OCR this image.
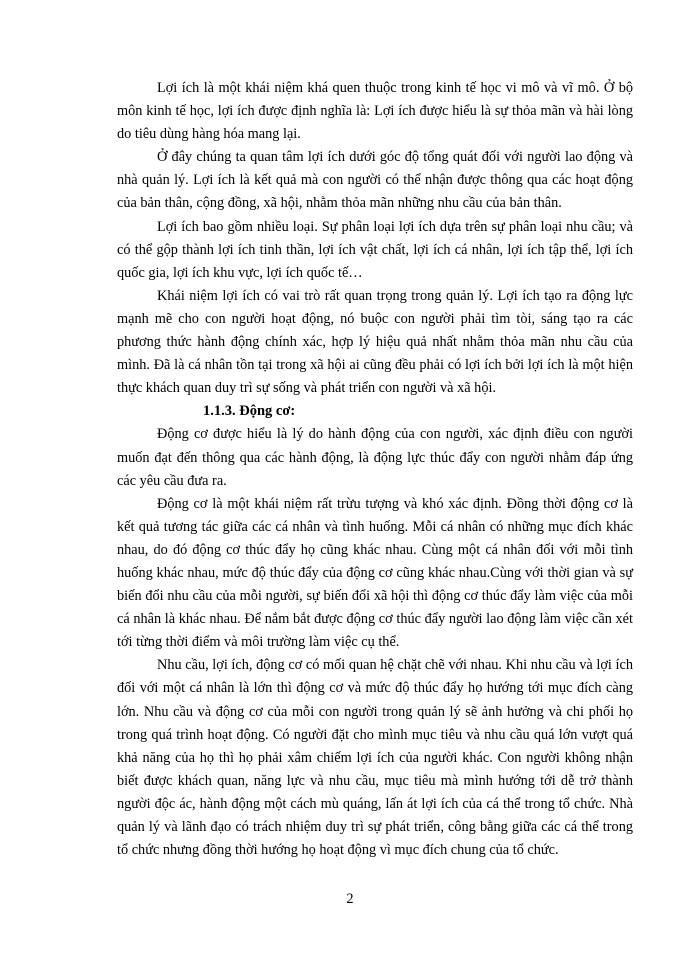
Lợi ích là một khái niệm khá quen thuộc trong kinh tế học vi mô và vĩ mô. Ở bộ môn kinh tế học, lợi ích được định nghĩa là: Lợi ích được hiểu là sự thỏa mãn và hài lòng do tiêu dùng hàng hóa mang lại.

Ở đây chúng ta quan tâm lợi ích dưới góc độ tổng quát đối với người lao động và nhà quản lý. Lợi ích là kết quả mà con người có thể nhận được thông qua các hoạt động của bản thân, cộng đồng, xã hội, nhằm thỏa mãn những nhu cầu của bản thân.

Lợi ích bao gồm nhiều loại. Sự phân loại lợi ích dựa trên sự phân loại nhu cầu; và có thể gộp thành lợi ích tinh thần, lợi ích vật chất, lợi ích cá nhân, lợi ích tập thể, lợi ích quốc gia, lợi ích khu vực, lợi ích quốc tế…

Khái niệm lợi ích có vai trò rất quan trọng trong quản lý. Lợi ích tạo ra động lực mạnh mẽ cho con người hoạt động, nó buộc con người phải tìm tòi, sáng tạo ra các phương thức hành động chính xác, hợp lý hiệu quả nhất nhằm thỏa mãn nhu cầu của mình. Đã là cá nhân tồn tại trong xã hội ai cũng đều phải có lợi ích bởi lợi ích là một hiện thực khách quan duy trì sự sống và phát triển con người và xã hội.

1.1.3. Động cơ:

Động cơ được hiểu là lý do hành động của con người, xác định điều con người muốn đạt đến thông qua các hành động, là động lực thúc đẩy con người nhằm đáp ứng các yêu cầu đưa ra.

Động cơ là một khái niệm rất trừu tượng và khó xác định. Đồng thời động cơ là kết quả tương tác giữa các cá nhân và tình huống. Mỗi cá nhân có những mục đích khác nhau, do đó động cơ thúc đẩy họ cũng khác nhau. Cùng một cá nhân đối với mỗi tình huống khác nhau, mức độ thúc đẩy của động cơ cũng khác nhau.Cùng với thời gian và sự biến đổi nhu cầu của mỗi người, sự biến đổi xã hội thì động cơ thúc đẩy làm việc của mỗi cá nhân là khác nhau. Để nắm bắt được động cơ thúc đẩy người lao động làm việc cần xét tới từng thời điểm và môi trường làm việc cụ thể.

Nhu cầu, lợi ích, động cơ có mối quan hệ chặt chẽ với nhau. Khi nhu cầu và lợi ích đối với một cá nhân là lớn thì động cơ và mức độ thúc đẩy họ hướng tới mục đích càng lớn. Nhu cầu và động cơ của mỗi con người trong quản lý sẽ ảnh hưởng và chi phối họ trong quá trình hoạt động. Có người đặt cho mình mục tiêu và nhu cầu quá lớn vượt quá khả năng của họ thì họ phải xâm chiếm lợi ích của người khác. Con người không nhận biết được khách quan, năng lực và nhu cầu, mục tiêu mà mình hướng tới dễ trở thành người độc ác, hành động một cách mù quáng, lấn át lợi ích của cá thể trong tổ chức. Nhà quản lý và lãnh đạo có trách nhiệm duy trì sự phát triển, công bằng giữa các cá thể trong tổ chức nhưng đồng thời hướng họ hoạt động vì mục đích chung của tổ chức.

2
